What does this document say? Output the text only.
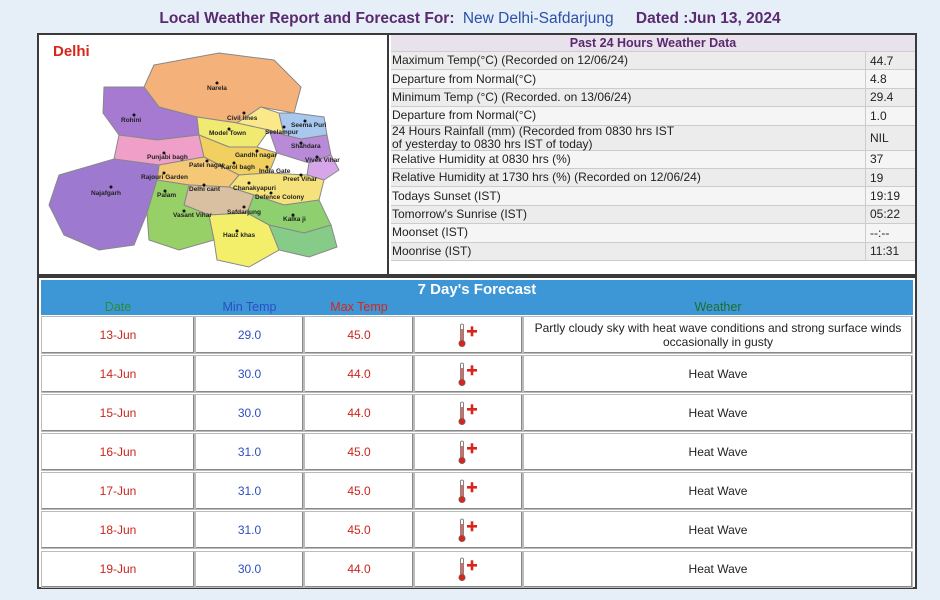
Local Weather Report and Forecast For: New Delhi-Safdarjung Dated :Jun 13, 2024
Narela
Rohini	Civil lines
Model Town
Seema Puri
Seelampur
Shahdara
Vivek Vihar
Punjabi bagh	Gandhi nagar
Patel nagar
Rajouri Garden
Karol bagh
Delhi cant Chanakyapuri
India Gate
Preet Vihar
Defence Colony
Najafgarh	Palam
Vasant Vihar Safdarjung
Kalka ji
Hauz khas
Delhi	Past 24 Hours Weather Data
Maximum Temp(°C) (Recorded on 12/06/24)	44.7
Departure from Normal(°C)	4.8
Minimum Temp (°C) (Recorded. on 13/06/24)	29.4
Departure from Normal(°C)	1.0
24 Hours Rainfall (mm) (Recorded from 0830 hrs IST
of yesterday to 0830 hrs IST of today)	NIL
Relative Humidity at 0830 hrs (%)	37
Relative Humidity at 1730 hrs (%) (Recorded on 12/06/24)	19
Todays Sunset (IST)	19:19
Tomorrow's Sunrise (IST)	05:22
Moonset (IST)	--:--
Moonrise (IST)	11:31
7 Day's Forecast
Date	Min Temp	Max Temp	Weather
13-Jun	29.0	45.0	Partly cloudy sky with heat wave conditions and strong surface winds occasionally in gusty
14-Jun	30.0	44.0	Heat Wave
15-Jun	30.0	44.0	Heat Wave
16-Jun	31.0	45.0	Heat Wave
17-Jun	31.0	45.0	Heat Wave
18-Jun	31.0	45.0	Heat Wave
19-Jun	30.0	44.0	Heat Wave
